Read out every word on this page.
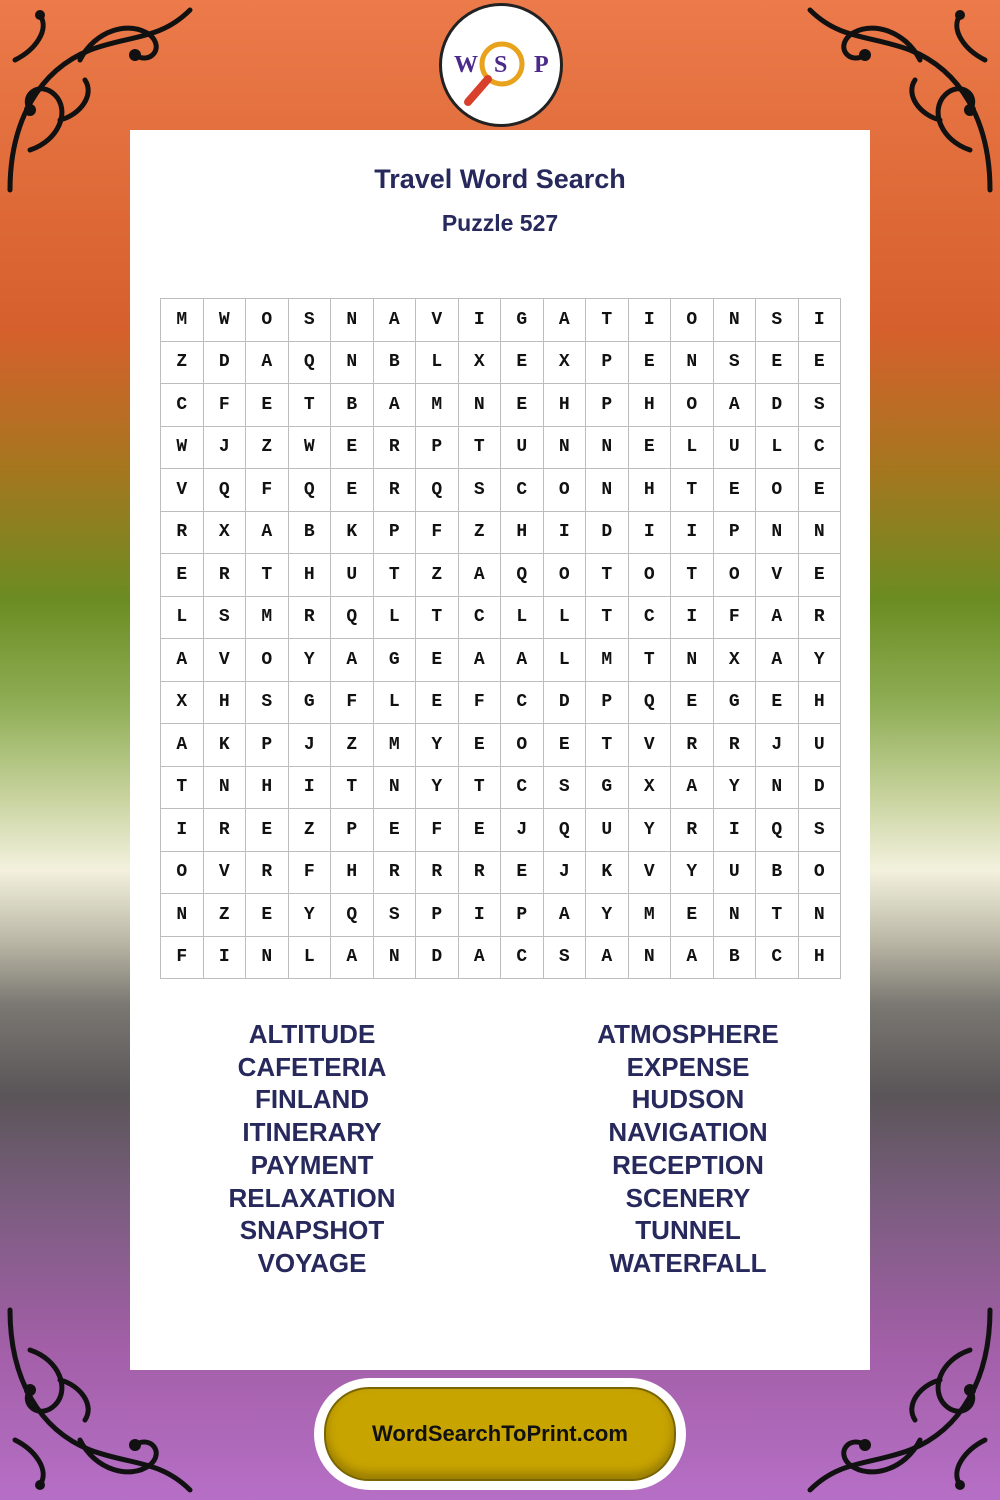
W S P
Travel Word Search
Puzzle 527
M	W	O	S	N	A	V	I	G	A	T	I	O	N	S	I
Z	D	A	Q	N	B	L	X	E	X	P	E	N	S	E	E
C	F	E	T	B	A	M	N	E	H	P	H	O	A	D	S
W	J	Z	W	E	R	P	T	U	N	N	E	L	U	L	C
V	Q	F	Q	E	R	Q	S	C	O	N	H	T	E	O	E
R	X	A	B	K	P	F	Z	H	I	D	I	I	P	N	N
E	R	T	H	U	T	Z	A	Q	O	T	O	T	O	V	E
L	S	M	R	Q	L	T	C	L	L	T	C	I	F	A	R
A	V	O	Y	A	G	E	A	A	L	M	T	N	X	A	Y
X	H	S	G	F	L	E	F	C	D	P	Q	E	G	E	H
A	K	P	J	Z	M	Y	E	O	E	T	V	R	R	J	U
T	N	H	I	T	N	Y	T	C	S	G	X	A	Y	N	D
I	R	E	Z	P	E	F	E	J	Q	U	Y	R	I	Q	S
O	V	R	F	H	R	R	R	E	J	K	V	Y	U	B	O
N	Z	E	Y	Q	S	P	I	P	A	Y	M	E	N	T	N
F	I	N	L	A	N	D	A	C	S	A	N	A	B	C	H
ALTITUDE
CAFETERIA
FINLAND
ITINERARY
PAYMENT
RELAXATION
SNAPSHOT
VOYAGE
ATMOSPHERE
EXPENSE
HUDSON
NAVIGATION
RECEPTION
SCENERY
TUNNEL
WATERFALL
WordSearchToPrint.com
